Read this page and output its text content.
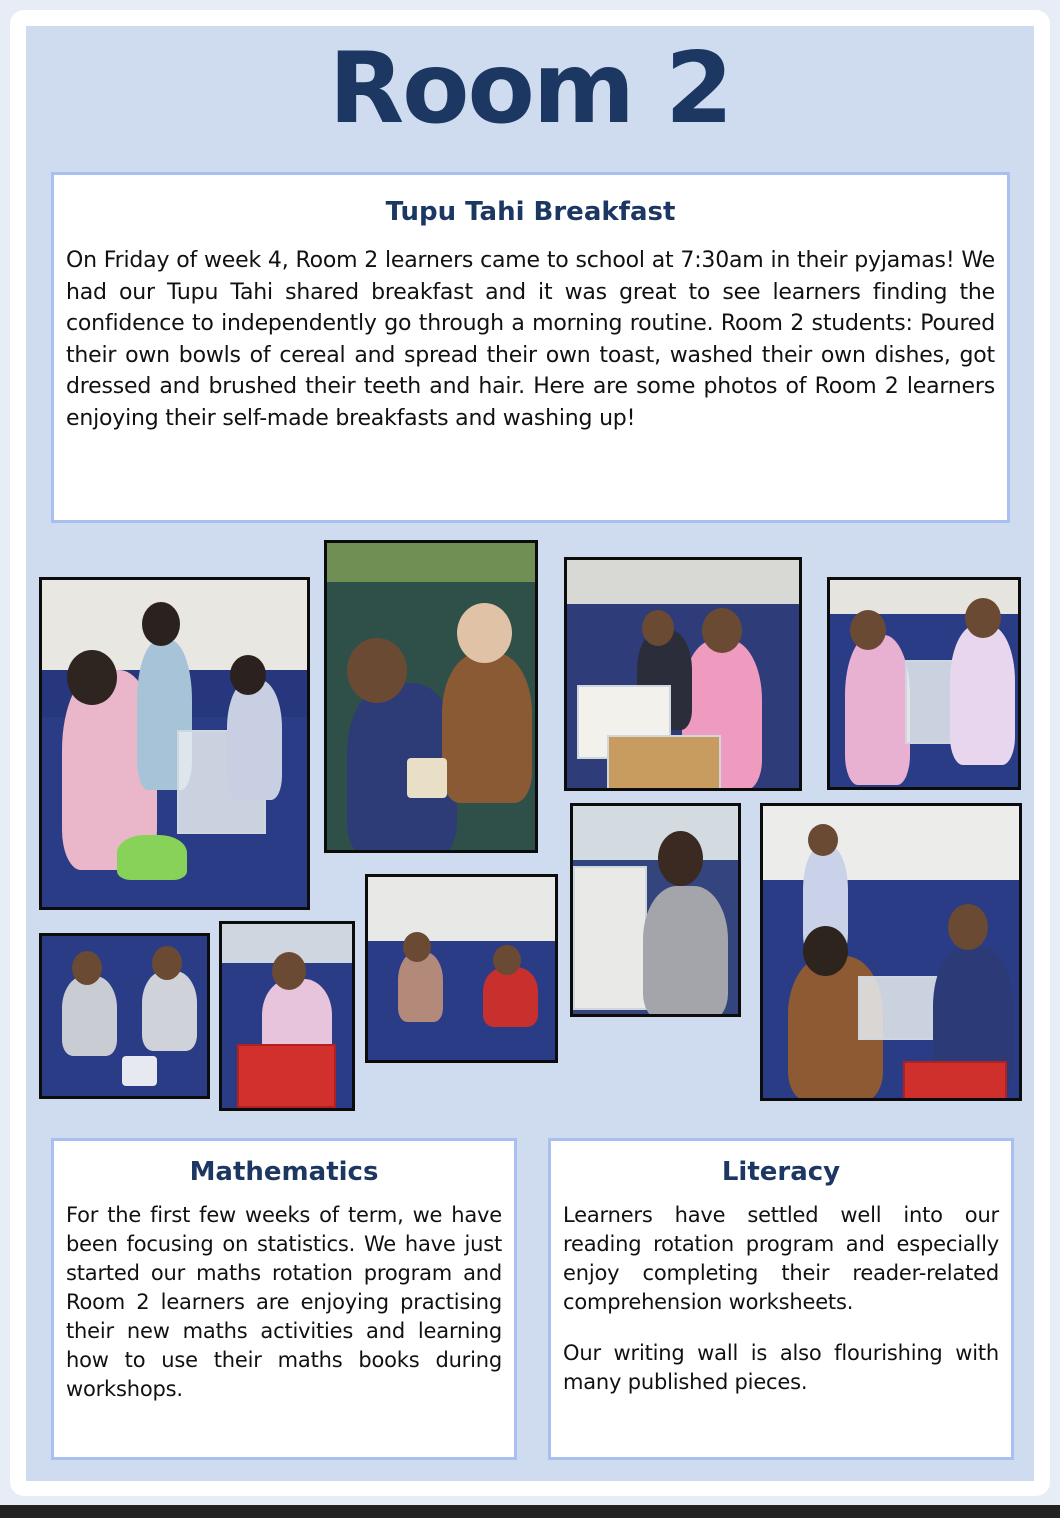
Room 2
Tupu Tahi Breakfast

On Friday of week 4, Room 2 learners came to school at 7:30am in their pyjamas! We had our Tupu Tahi shared breakfast and it was great to see learners finding the confidence to independently go through a morning routine. Room 2 students: Poured their own bowls of cereal and spread their own toast, washed their own dishes, got dressed and brushed their teeth and hair. Here are some photos of Room 2 learners enjoying their self-made breakfasts and washing up!

Mathematics

For the first few weeks of term, we have been focusing on statistics. We have just started our maths rotation program and Room 2 learners are enjoying practising their new maths activities and learning how to use their maths books during workshops.

Literacy

Learners have settled well into our reading rotation program and especially enjoy completing their reader-related comprehension worksheets.

Our writing wall is also flourishing with many published pieces.
